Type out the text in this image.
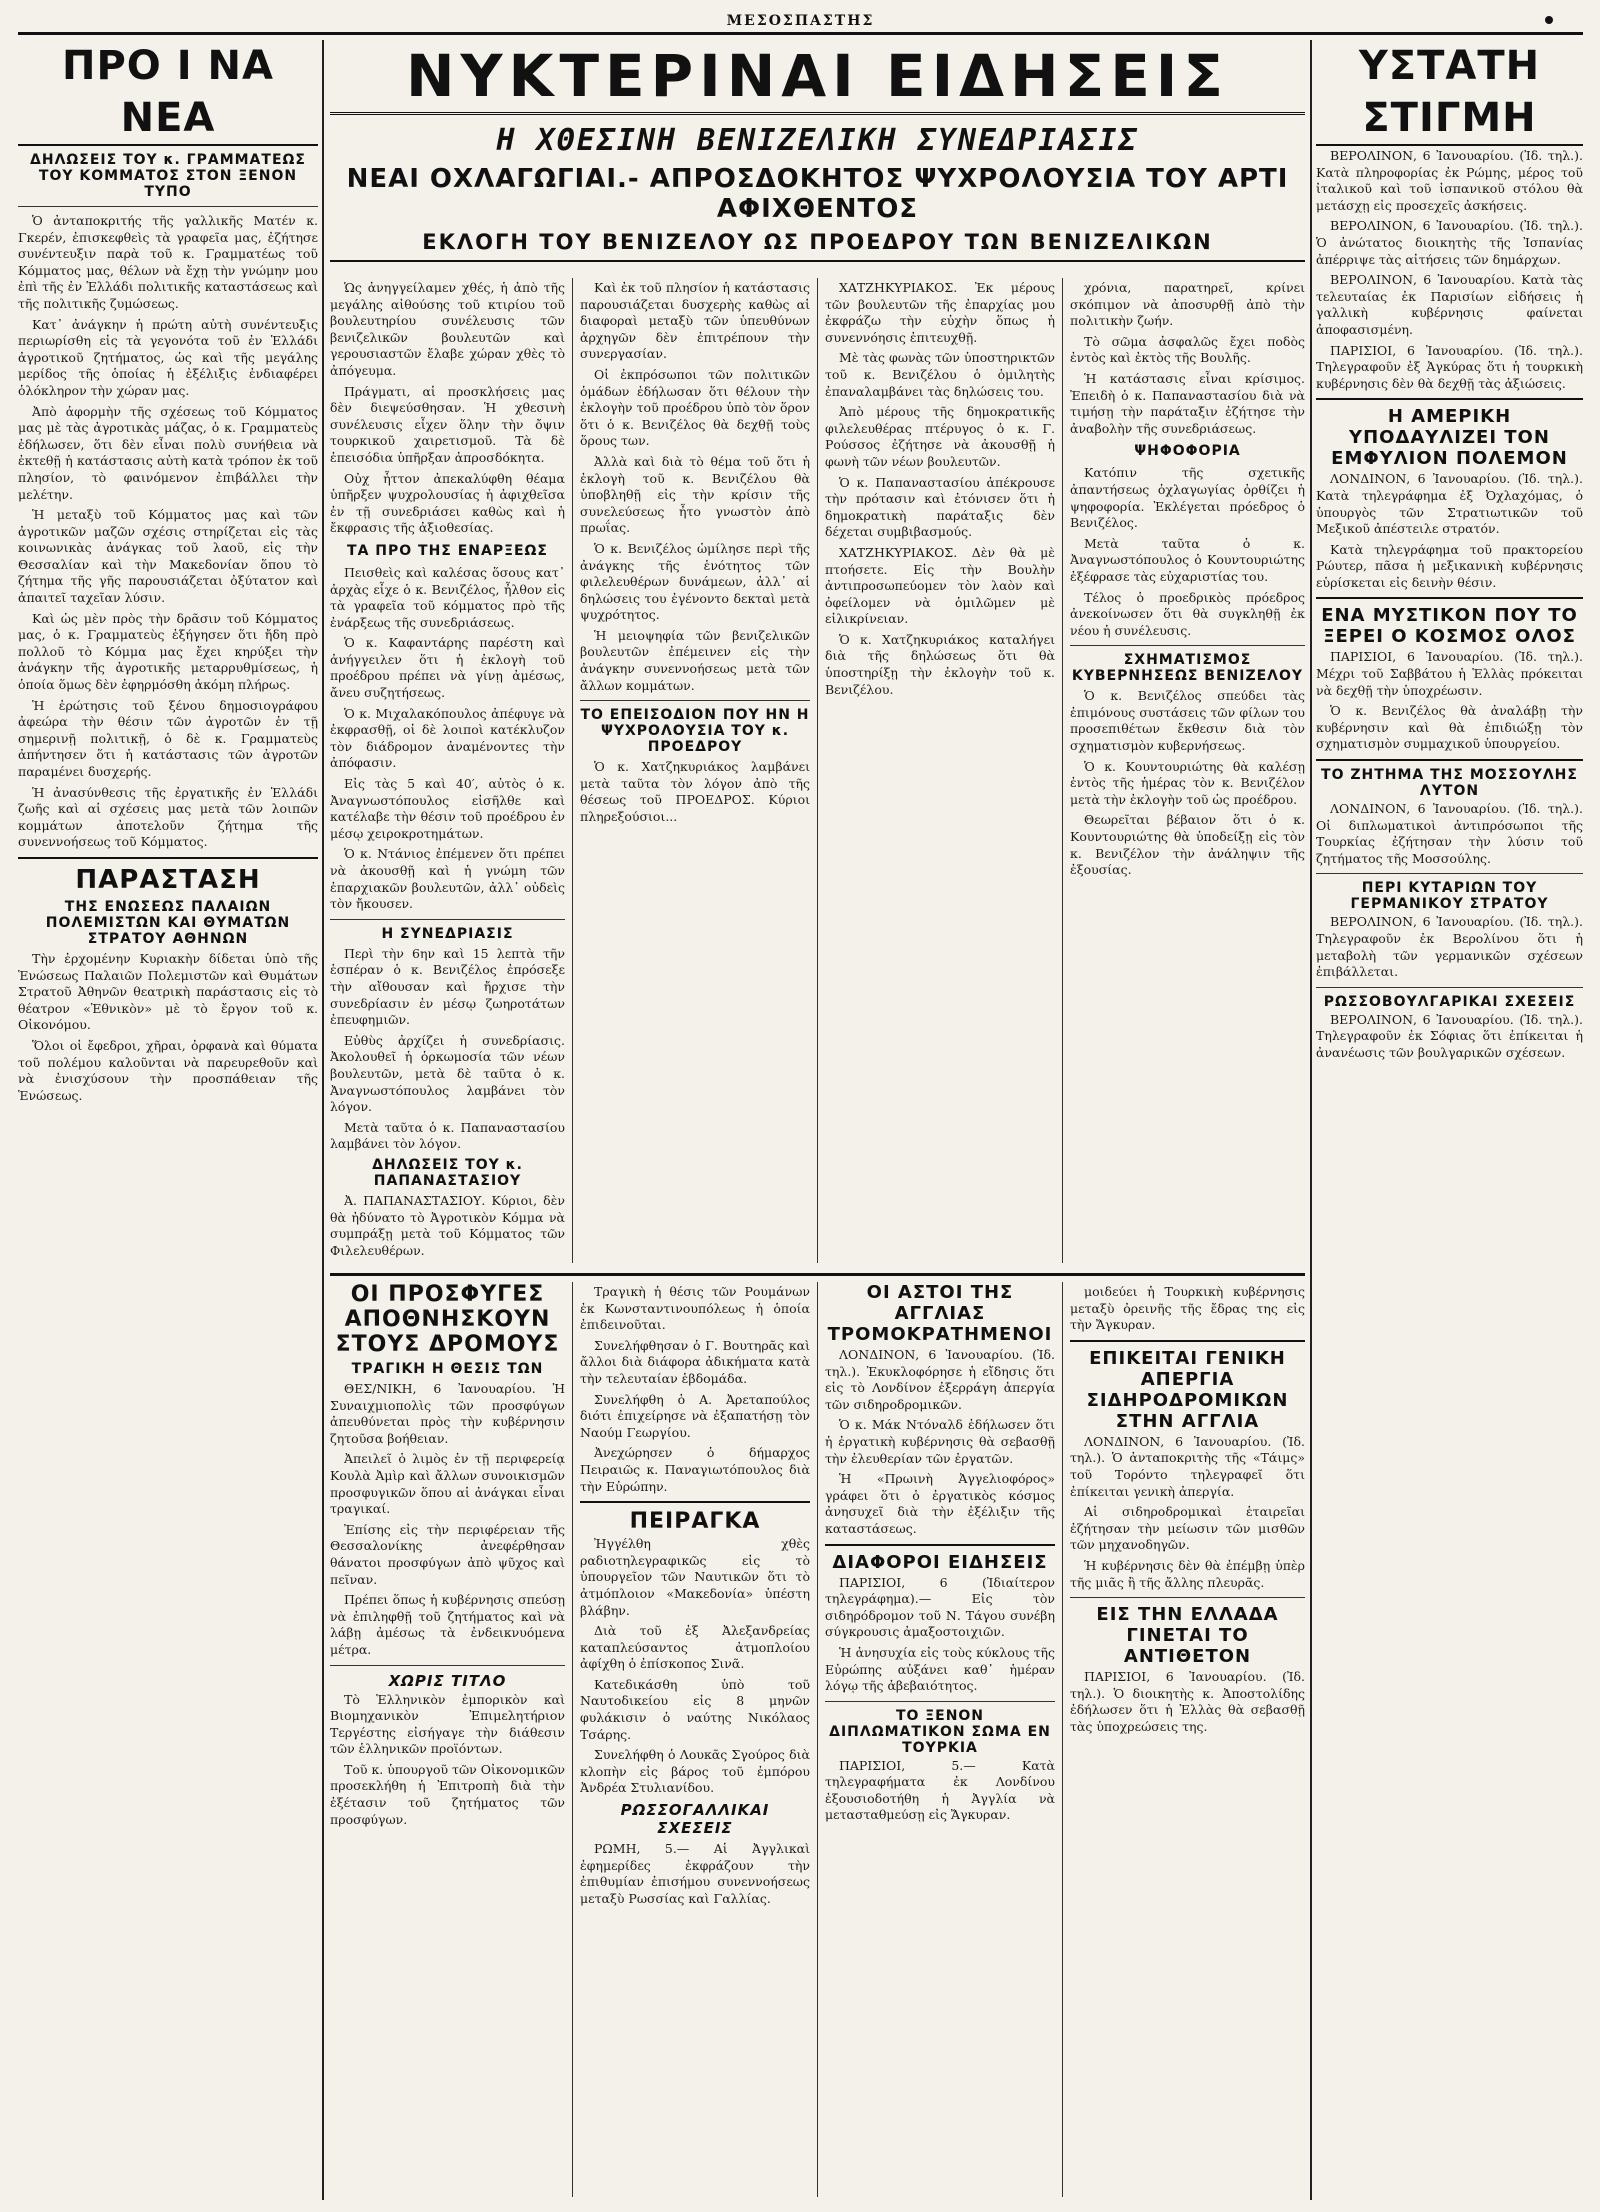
ΜΕΣΟΣΠΑΣΤΗΣ
ΠΡΟ Ι ΝΑ ΝΕΑ
ΔΗΛΩΣΕΙΣ ΤΟΥ κ. ΓΡΑΜΜΑΤΕΩΣ ΤΟΥ ΚΟΜΜΑΤΟΣ ΣΤΟΝ ΞΕΝΟΝ ΤΥΠΟ

Ὁ ἀνταποκριτής τῆς γαλλικῆς Ματέν κ. Γκερέν, ἐπισκεφθεὶς τὰ γραφεῖα μας, ἐζήτησε συνέντευξιν παρὰ τοῦ κ. Γραμματέως τοῦ Κόμματος μας, θέλων νὰ ἔχῃ τὴν γνώμην μου ἐπὶ τῆς ἐν Ἑλλάδι πολιτικῆς καταστάσεως καὶ τῆς πολιτικῆς ζυμώσεως.

Κατ᾽ ἀνάγκην ἡ πρώτη αὐτὴ συνέντευξις περιωρίσθη εἰς τὰ γεγονότα τοῦ ἐν Ἑλλάδι ἀγροτικοῦ ζητήματος, ὡς καὶ τῆς μεγάλης μερίδος τῆς ὁποίας ἡ ἐξέλιξις ἐνδιαφέρει ὁλόκληρον τὴν χώραν μας.

Ἀπὸ ἀφορμὴν τῆς σχέσεως τοῦ Κόμματος μας μὲ τὰς ἀγροτικὰς μάζας, ὁ κ. Γραμματεὺς ἐδήλωσεν, ὅτι δὲν εἶναι πολὺ συνήθεια νὰ ἐκτεθῇ ἡ κατάστασις αὐτὴ κατὰ τρόπον ἐκ τοῦ πλησίον, τὸ φαινόμενον ἐπιβάλλει τὴν μελέτην.

Ἡ μεταξὺ τοῦ Κόμματος μας καὶ τῶν ἀγροτικῶν μαζῶν σχέσις στηρίζεται εἰς τὰς κοινωνικὰς ἀνάγκας τοῦ λαοῦ, εἰς τὴν Θεσσαλίαν καὶ τὴν Μακεδονίαν ὅπου τὸ ζήτημα τῆς γῆς παρουσιάζεται ὀξύτατον καὶ ἀπαιτεῖ ταχεῖαν λύσιν.

Καὶ ὡς μὲν πρὸς τὴν δρᾶσιν τοῦ Κόμματος μας, ὁ κ. Γραμματεὺς ἐξήγησεν ὅτι ἤδη πρὸ πολλοῦ τὸ Κόμμα μας ἔχει κηρύξει τὴν ἀνάγκην τῆς ἀγροτικῆς μεταρρυθμίσεως, ἡ ὁποία ὅμως δὲν ἐφηρμόσθη ἀκόμη πλήρως.

Ἡ ἐρώτησις τοῦ ξένου δημοσιογράφου ἀφεώρα τὴν θέσιν τῶν ἀγροτῶν ἐν τῇ σημερινῇ πολιτικῇ, ὁ δὲ κ. Γραμματεὺς ἀπήντησεν ὅτι ἡ κατάστασις τῶν ἀγροτῶν παραμένει δυσχερής.

Ἡ ἀνασύνθεσις τῆς ἐργατικῆς ἐν Ἑλλάδι ζωῆς καὶ αἱ σχέσεις μας μετὰ τῶν λοιπῶν κομμάτων ἀποτελοῦν ζήτημα τῆς συνεννοήσεως τοῦ Κόμματος.

ΠΑΡΑΣΤΑΣΗ
ΤΗΣ ΕΝΩΣΕΩΣ ΠΑΛΑΙΩΝ ΠΟΛΕΜΙΣΤΩΝ ΚΑΙ ΘΥΜΑΤΩΝ ΣΤΡΑΤΟΥ ΑΘΗΝΩΝ

Τὴν ἐρχομένην Κυριακὴν δίδεται ὑπὸ τῆς Ἑνώσεως Παλαιῶν Πολεμιστῶν καὶ Θυμάτων Στρατοῦ Ἀθηνῶν θεατρικὴ παράστασις εἰς τὸ θέατρον «Ἐθνικὸν» μὲ τὸ ἔργον τοῦ κ. Οἰκονόμου.

Ὅλοι οἱ ἔφεδροι, χῆραι, ὀρφανὰ καὶ θύματα τοῦ πολέμου καλοῦνται νὰ παρευρεθοῦν καὶ νὰ ἐνισχύσουν τὴν προσπάθειαν τῆς Ἑνώσεως.

ΝΥΚΤΕΡΙΝΑΙ ΕΙΔΗΣΕΙΣ
Η ΧΘΕΣΙΝΗ ΒΕΝΙΖΕΛΙΚΗ ΣΥΝΕΔΡΙΑΣΙΣ
ΝΕΑΙ ΟΧΛΑΓΩΓΙΑΙ.- ΑΠΡΟΣΔΟΚΗΤΟΣ ΨΥΧΡΟΛΟΥΣΙΑ ΤΟΥ ΑΡΤΙ ΑΦΙΧΘΕΝΤΟΣ
ΕΚΛΟΓΗ ΤΟΥ ΒΕΝΙΖΕΛΟΥ ΩΣ ΠΡΟΕΔΡΟΥ ΤΩΝ ΒΕΝΙΖΕΛΙΚΩΝ

Ὡς ἀνηγγείλαμεν χθές, ἡ ἀπὸ τῆς μεγάλης αἰθούσης τοῦ κτιρίου τοῦ βουλευτηρίου συνέλευσις τῶν βενιζελικῶν βουλευτῶν καὶ γερουσιαστῶν ἔλαβε χώραν χθὲς τὸ ἀπόγευμα.

Πράγματι, αἱ προσκλήσεις μας δὲν διεψεύσθησαν. Ἡ χθεσινὴ συνέλευσις εἶχεν ὅλην τὴν ὄψιν τουρκικοῦ χαιρετισμοῦ. Τὰ δὲ ἐπεισόδια ὑπῆρξαν ἀπροσδόκητα.

Οὐχ ἧττον ἀπεκαλύφθη θέαμα ὑπῆρξεν ψυχρολουσίας ἡ ἀφιχθεῖσα ἐν τῇ συνεδριάσει καθὼς καὶ ἡ ἔκφρασις τῆς ἀξιοθεσίας.

ΤΑ ΠΡΟ ΤΗΣ ΕΝΑΡΞΕΩΣ

Πεισθεὶς καὶ καλέσας ὅσους κατ᾽ ἀρχὰς εἶχε ὁ κ. Βενιζέλος, ἦλθον εἰς τὰ γραφεῖα τοῦ κόμματος πρὸ τῆς ἐνάρξεως τῆς συνεδριάσεως.

Ὁ κ. Καφαντάρης παρέστη καὶ ἀνήγγειλεν ὅτι ἡ ἐκλογὴ τοῦ προέδρου πρέπει νὰ γίνῃ ἀμέσως, ἄνευ συζητήσεως.

Ὁ κ. Μιχαλακόπουλος ἀπέφυγε νὰ ἐκφρασθῇ, οἱ δὲ λοιποὶ κατέκλυζον τὸν διάδρομον ἀναμένοντες τὴν ἀπόφασιν.

Εἰς τὰς 5 καὶ 40′, αὐτὸς ὁ κ. Ἀναγνωστόπουλος εἰσῆλθε καὶ κατέλαβε τὴν θέσιν τοῦ προέδρου ἐν μέσῳ χειροκροτημάτων.

Ὁ κ. Ντάνιος ἐπέμενεν ὅτι πρέπει νὰ ἀκουσθῇ καὶ ἡ γνώμη τῶν ἐπαρχιακῶν βουλευτῶν, ἀλλ᾽ οὐδεὶς τὸν ἤκουσεν.

Η ΣΥΝΕΔΡΙΑΣΙΣ

Περὶ τὴν 6ην καὶ 15 λεπτὰ τῆν ἑσπέραν ὁ κ. Βενιζέλος ἐπρόσεξε τὴν αἴθουσαν καὶ ἤρχισε τὴν συνεδρίασιν ἐν μέσῳ ζωηροτάτων ἐπευφημιῶν.

Εὐθὺς ἀρχίζει ἡ συνεδρίασις. Ἀκολουθεῖ ἡ ὁρκωμοσία τῶν νέων βουλευτῶν, μετὰ δὲ ταῦτα ὁ κ. Ἀναγνωστόπουλος λαμβάνει τὸν λόγον.

Μετὰ ταῦτα ὁ κ. Παπαναστασίου λαμβάνει τὸν λόγον.

ΔΗΛΩΣΕΙΣ ΤΟΥ κ. ΠΑΠΑΝΑΣΤΑΣΙΟΥ

Ἀ. ΠΑΠΑΝΑΣΤΑΣΙΟΥ. Κύριοι, δὲν θὰ ἠδύνατο τὸ Ἀγροτικὸν Κόμμα νὰ συμπράξῃ μετὰ τοῦ Κόμματος τῶν Φιλελευθέρων.

Καὶ ἐκ τοῦ πλησίον ἡ κατάστασις παρουσιάζεται δυσχερὴς καθὼς αἱ διαφοραὶ μεταξὺ τῶν ὑπευθύνων ἀρχηγῶν δὲν ἐπιτρέπουν τὴν συνεργασίαν.

Οἱ ἐκπρόσωποι τῶν πολιτικῶν ὁμάδων ἐδήλωσαν ὅτι θέλουν τὴν ἐκλογὴν τοῦ προέδρου ὑπὸ τὸν ὅρον ὅτι ὁ κ. Βενιζέλος θὰ δεχθῇ τοὺς ὅρους των.

Ἀλλὰ καὶ διὰ τὸ θέμα τοῦ ὅτι ἡ ἐκλογὴ τοῦ κ. Βενιζέλου θὰ ὑποβληθῇ εἰς τὴν κρίσιν τῆς συνελεύσεως ἦτο γνωστὸν ἀπὸ πρωΐας.

Ὁ κ. Βενιζέλος ὡμίλησε περὶ τῆς ἀνάγκης τῆς ἑνότητος τῶν φιλελευθέρων δυνάμεων, ἀλλ᾽ αἱ δηλώσεις του ἐγένοντο δεκταὶ μετὰ ψυχρότητος.

Ἡ μειοψηφία τῶν βενιζελικῶν βουλευτῶν ἐπέμεινεν εἰς τὴν ἀνάγκην συνεννοήσεως μετὰ τῶν ἄλλων κομμάτων.

ΤΟ ΕΠΕΙΣΟΔΙΟΝ ΠΟΥ ΗΝ Η ΨΥΧΡΟΛΟΥΣΙΑ ΤΟΥ κ. ΠΡΟΕΔΡΟΥ

Ὁ κ. Χατζηκυριάκος λαμβάνει μετὰ ταῦτα τὸν λόγον ἀπὸ τῆς θέσεως τοῦ ΠΡΟΕΔΡΟΣ. Κύριοι πληρεξούσιοι...

ΧΑΤΖΗΚΥΡΙΑΚΟΣ. Ἐκ μέρους τῶν βουλευτῶν τῆς ἐπαρχίας μου ἐκφράζω τὴν εὐχὴν ὅπως ἡ συνεννόησις ἐπιτευχθῇ.

Μὲ τὰς φωνὰς τῶν ὑποστηρικτῶν τοῦ κ. Βενιζέλου ὁ ὁμιλητὴς ἐπαναλαμβάνει τὰς δηλώσεις του.

Ἀπὸ μέρους τῆς δημοκρατικῆς φιλελευθέρας πτέρυγος ὁ κ. Γ. Ρούσσος ἐζήτησε νὰ ἀκουσθῇ ἡ φωνὴ τῶν νέων βουλευτῶν.

Ὁ κ. Παπαναστασίου ἀπέκρουσε τὴν πρότασιν καὶ ἐτόνισεν ὅτι ἡ δημοκρατικὴ παράταξις δὲν δέχεται συμβιβασμούς.

ΧΑΤΖΗΚΥΡΙΑΚΟΣ. Δὲν θὰ μὲ πτοήσετε. Εἰς τὴν Βουλὴν ἀντιπροσωπεύομεν τὸν λαὸν καὶ ὀφείλομεν νὰ ὁμιλῶμεν μὲ εἰλικρίνειαν.

Ὁ κ. Χατζηκυριάκος καταλήγει διὰ τῆς δηλώσεως ὅτι θὰ ὑποστηρίξῃ τὴν ἐκλογὴν τοῦ κ. Βενιζέλου.

χρόνια, παρατηρεῖ, κρίνει σκόπιμον νὰ ἀποσυρθῇ ἀπὸ τὴν πολιτικὴν ζωήν.

Τὸ σῶμα ἀσφαλῶς ἔχει ποδὸς ἐντὸς καὶ ἐκτὸς τῆς Βουλῆς.

Ἡ κατάστασις εἶναι κρίσιμος. Ἐπειδὴ ὁ κ. Παπαναστασίου διὰ νὰ τιμήσῃ τὴν παράταξιν ἐζήτησε τὴν ἀναβολὴν τῆς συνεδριάσεως.

ΨΗΦΟΦΟΡΙΑ

Κατόπιν τῆς σχετικῆς ἀπαντήσεως ὁχλαγωγίας ὀρθίζει ἡ ψηφοφορία. Ἐκλέγεται πρόεδρος ὁ Βενιζέλος.

Μετὰ ταῦτα ὁ κ. Ἀναγνωστόπουλος ὁ Κουντουριώτης ἐξέφρασε τὰς εὐχαριστίας του.

Τέλος ὁ προεδρικὸς πρόεδρος ἀνεκοίνωσεν ὅτι θὰ συγκληθῇ ἐκ νέου ἡ συνέλευσις.

ΣΧΗΜΑΤΙΣΜΟΣ ΚΥΒΕΡΝΗΣΕΩΣ ΒΕΝΙΖΕΛΟΥ

Ὁ κ. Βενιζέλος σπεύδει τὰς ἐπιμόνους συστάσεις τῶν φίλων του προσεπιθέτων ἔκθεσιν διὰ τὸν σχηματισμὸν κυβερνήσεως.

Ὁ κ. Κουντουριώτης θὰ καλέσῃ ἐντὸς τῆς ἡμέρας τὸν κ. Βενιζέλον μετὰ τὴν ἐκλογὴν τοῦ ὡς προέδρου.

Θεωρεῖται βέβαιον ὅτι ὁ κ. Κουντουριώτης θὰ ὑποδείξῃ εἰς τὸν κ. Βενιζέλον τὴν ἀνάληψιν τῆς ἐξουσίας.

ΟΙ ΠΡΟΣΦΥΓΕΣ ΑΠΟΘΝΗΣΚΟΥΝ ΣΤΟΥΣ ΔΡΟΜΟΥΣ
ΤΡΑΓΙΚΗ Η ΘΕΣΙΣ ΤΩΝ

ΘΕΣ/ΝΙΚΗ, 6 Ἰανουαρίου. Ἡ Συναιχμιοπολὶς τῶν προσφύγων ἀπευθύνεται πρὸς τὴν κυβέρνησιν ζητοῦσα βοήθειαν.

Ἀπειλεῖ ὁ λιμὸς ἐν τῇ περιφερείᾳ Κουλὰ Ἀμὶρ καὶ ἄλλων συνοικισμῶν προσφυγικῶν ὅπου αἱ ἀνάγκαι εἶναι τραγικαί.

Ἐπίσης εἰς τὴν περιφέρειαν τῆς Θεσσαλονίκης ἀνεφέρθησαν θάνατοι προσφύγων ἀπὸ ψῦχος καὶ πεῖναν.

Πρέπει ὅπως ἡ κυβέρνησις σπεύσῃ νὰ ἐπιληφθῇ τοῦ ζητήματος καὶ νὰ λάβῃ ἀμέσως τὰ ἐνδεικνυόμενα μέτρα.

ΧΩΡΙΣ ΤΙΤΛΟ

Τὸ Ἑλληνικὸν ἐμπορικὸν καὶ Βιομηχανικὸν Ἐπιμελητήριον Τεργέστης εἰσήγαγε τὴν διάθεσιν τῶν ἑλληνικῶν προϊόντων.

Τοῦ κ. ὑπουργοῦ τῶν Οἰκονομικῶν προσεκλήθη ἡ Ἐπιτροπὴ διὰ τὴν ἐξέτασιν τοῦ ζητήματος τῶν προσφύγων.

Τραγικὴ ἡ θέσις τῶν Ρουμάνων ἐκ Κωνσταντινουπόλεως ἡ ὁποία ἐπιδεινοῦται.

Συνελήφθησαν ὁ Γ. Βουτηρᾶς καὶ ἄλλοι διὰ διάφορα ἀδικήματα κατὰ τὴν τελευταίαν ἑβδομάδα.

Συνελήφθη ὁ Α. Ἀρεταπούλος διότι ἐπιχείρησε νὰ ἐξαπατήσῃ τὸν Ναούμ Γεωργίου.

Ἀνεχώρησεν ὁ δήμαρχος Πειραιῶς κ. Παναγιωτόπουλος διὰ τὴν Εὐρώπην.

ΠΕΙΡΑΓΚΑ

Ἠγγέλθη χθὲς ραδιοτηλεγραφικῶς εἰς τὸ ὑπουργεῖον τῶν Ναυτικῶν ὅτι τὸ ἀτμόπλοιον «Μακεδονία» ὑπέστη βλάβην.

Διὰ τοῦ ἐξ Ἀλεξανδρείας καταπλεύσαντος ἀτμοπλοίου ἀφίχθη ὁ ἐπίσκοπος Σινᾶ.

Κατεδικάσθη ὑπὸ τοῦ Ναυτοδικείου εἰς 8 μηνῶν φυλάκισιν ὁ ναύτης Νικόλαος Τσάρης.

Συνελήφθη ὁ Λουκᾶς Σγούρος διὰ κλοπὴν εἰς βάρος τοῦ ἐμπόρου Ἀνδρέα Στυλιανίδου.

ΡΩΣΣΟΓΑΛΛΙΚΑΙ ΣΧΕΣΕΙΣ

ΡΩΜΗ, 5.— Αἱ Ἀγγλικαὶ ἐφημερίδες ἐκφράζουν τὴν ἐπιθυμίαν ἐπισήμου συνεννοήσεως μεταξὺ Ρωσσίας καὶ Γαλλίας.

ΟΙ ΑΣΤΟΙ ΤΗΣ ΑΓΓΛΙΑΣ ΤΡΟΜΟΚΡΑΤΗΜΕΝΟΙ

ΛΟΝΔΙΝΟΝ, 6 Ἰανουαρίου. (Ἰδ. τηλ.). Ἐκυκλοφόρησε ἡ εἴδησις ὅτι εἰς τὸ Λονδίνον ἐξερράγη ἀπεργία τῶν σιδηροδρομικῶν.

Ὁ κ. Μάκ Ντόναλδ ἐδήλωσεν ὅτι ἡ ἐργατικὴ κυβέρνησις θὰ σεβασθῇ τὴν ἐλευθερίαν τῶν ἐργατῶν.

Ἡ «Πρωινὴ Ἀγγελιοφόρος» γράφει ὅτι ὁ ἐργατικὸς κόσμος ἀνησυχεῖ διὰ τὴν ἐξέλιξιν τῆς καταστάσεως.

ΔΙΑΦΟΡΟΙ ΕΙΔΗΣΕΙΣ

ΠΑΡΙΣΙΟΙ, 6 (Ἰδιαίτερον τηλεγράφημα).— Εἰς τὸν σιδηρόδρομον τοῦ Ν. Τάγου συνέβη σύγκρουσις ἀμαξοστοιχιῶν.

Ἡ ἀνησυχία εἰς τοὺς κύκλους τῆς Εὐρώπης αὐξάνει καθ᾽ ἡμέραν λόγῳ τῆς ἀβεβαιότητος.

ΤΟ ΞΕΝΟΝ ΔΙΠΛΩΜΑΤΙΚΟΝ ΣΩΜΑ ΕΝ ΤΟΥΡΚΙΑ

ΠΑΡΙΣΙΟΙ, 5.— Κατὰ τηλεγραφήματα ἐκ Λονδίνου ἐξουσιοδοτήθη ἡ Ἀγγλία νὰ μετασταθμεύσῃ εἰς Ἄγκυραν.

μοιδεύει ἡ Τουρκικὴ κυβέρνησις μεταξὺ ὀρεινῆς τῆς ἔδρας της εἰς τὴν Ἄγκυραν.

ΕΠΙΚΕΙΤΑΙ ΓΕΝΙΚΗ ΑΠΕΡΓΙΑ ΣΙΔΗΡΟΔΡΟΜΙΚΩΝ ΣΤΗΝ ΑΓΓΛΙΑ

ΛΟΝΔΙΝΟΝ, 6 Ἰανουαρίου. (Ἰδ. τηλ.). Ὁ ἀνταποκριτὴς τῆς «Τάιμς» τοῦ Τορόντο τηλεγραφεῖ ὅτι ἐπίκειται γενικὴ ἀπεργία.

Αἱ σιδηροδρομικαὶ ἑταιρεῖαι ἐζήτησαν τὴν μείωσιν τῶν μισθῶν τῶν μηχανοδηγῶν.

Ἡ κυβέρνησις δὲν θὰ ἐπέμβῃ ὑπὲρ τῆς μιᾶς ἢ τῆς ἄλλης πλευρᾶς.

ΕΙΣ ΤΗΝ ΕΛΛΑΔΑ ΓΙΝΕΤΑΙ ΤΟ ΑΝΤΙΘΕΤΟΝ

ΠΑΡΙΣΙΟΙ, 6 Ἰανουαρίου. (Ἰδ. τηλ.). Ὁ διοικητὴς κ. Ἀποστολίδης ἐδήλωσεν ὅτι ἡ Ἑλλὰς θὰ σεβασθῇ τὰς ὑποχρεώσεις της.

ΥΣΤΑΤΗ ΣΤΙΓΜΗ

ΒΕΡΟΛΙΝΟΝ, 6 Ἰανουαρίου. (Ἰδ. τηλ.). Κατὰ πληροφορίας ἐκ Ρώμης, μέρος τοῦ ἰταλικοῦ καὶ τοῦ ἰσπανικοῦ στόλου θὰ μετάσχῃ εἰς προσεχεῖς ἀσκήσεις.

ΒΕΡΟΛΙΝΟΝ, 6 Ἰανουαρίου. (Ἰδ. τηλ.). Ὁ ἀνώτατος διοικητὴς τῆς Ἰσπανίας ἀπέρριψε τὰς αἰτήσεις τῶν δημάρχων.

ΒΕΡΟΛΙΝΟΝ, 6 Ἰανουαρίου. Κατὰ τὰς τελευταίας ἐκ Παρισίων εἰδήσεις ἡ γαλλικὴ κυβέρνησις φαίνεται ἀποφασισμένη.

ΠΑΡΙΣΙΟΙ, 6 Ἰανουαρίου. (Ἰδ. τηλ.). Τηλεγραφοῦν ἐξ Ἀγκύρας ὅτι ἡ τουρκικὴ κυβέρνησις δὲν θὰ δεχθῇ τὰς ἀξιώσεις.

Η ΑΜΕΡΙΚΗ ΥΠΟΔΑΥΛΙΖΕΙ ΤΟΝ ΕΜΦΥΛΙΟΝ ΠΟΛΕΜΟΝ

ΛΟΝΔΙΝΟΝ, 6 Ἰανουαρίου. (Ἰδ. τηλ.). Κατὰ τηλεγράφημα ἐξ Ὀχλαχόμας, ὁ ὑπουργὸς τῶν Στρατιωτικῶν τοῦ Μεξικοῦ ἀπέστειλε στρατόν.

Κατὰ τηλεγράφημα τοῦ πρακτορείου Ρώυτερ, πᾶσα ἡ μεξικανικὴ κυβέρνησις εὑρίσκεται εἰς δεινὴν θέσιν.

ΕΝΑ ΜΥΣΤΙΚΟΝ ΠΟΥ ΤΟ ΞΕΡΕΙ Ο ΚΟΣΜΟΣ ΟΛΟΣ

ΠΑΡΙΣΙΟΙ, 6 Ἰανουαρίου. (Ἰδ. τηλ.). Μέχρι τοῦ Σαββάτου ἡ Ἑλλὰς πρόκειται νὰ δεχθῇ τὴν ὑποχρέωσιν.

Ὁ κ. Βενιζέλος θὰ ἀναλάβῃ τὴν κυβέρνησιν καὶ θὰ ἐπιδιώξῃ τὸν σχηματισμὸν συμμαχικοῦ ὑπουργείου.

ΤΟ ΖΗΤΗΜΑ ΤΗΣ ΜΟΣΣΟΥΛΗΣ ΛΥΤΟΝ

ΛΟΝΔΙΝΟΝ, 6 Ἰανουαρίου. (Ἰδ. τηλ.). Οἱ διπλωματικοὶ ἀντιπρόσωποι τῆς Τουρκίας ἐζήτησαν τὴν λύσιν τοῦ ζητήματος τῆς Μοσσούλης.

ΠΕΡΙ ΚΥΤΑΡΙΩΝ ΤΟΥ ΓΕΡΜΑΝΙΚΟΥ ΣΤΡΑΤΟΥ

ΒΕΡΟΛΙΝΟΝ, 6 Ἰανουαρίου. (Ἰδ. τηλ.). Τηλεγραφοῦν ἐκ Βερολίνου ὅτι ἡ μεταβολὴ τῶν γερμανικῶν σχέσεων ἐπιβάλλεται.

ΡΩΣΣΟΒΟΥΛΓΑΡΙΚΑΙ ΣΧΕΣΕΙΣ

ΒΕΡΟΛΙΝΟΝ, 6 Ἰανουαρίου. (Ἰδ. τηλ.). Τηλεγραφοῦν ἐκ Σόφιας ὅτι ἐπίκειται ἡ ἀνανέωσις τῶν βουλγαρικῶν σχέσεων.
